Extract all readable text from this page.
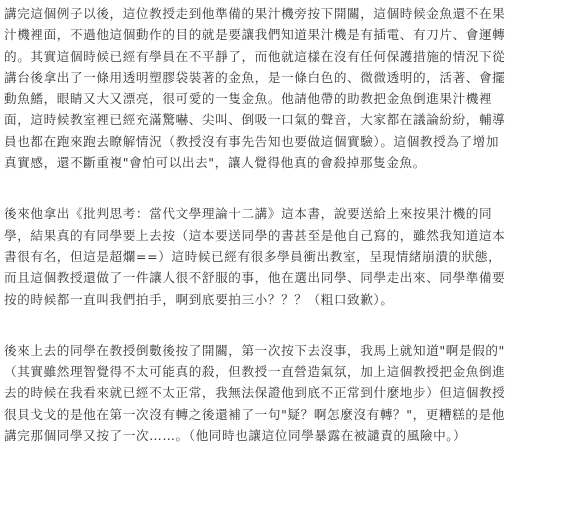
講完這個例子以後，這位教授走到他準備的果汁機旁按下開關，這個時候金魚還不在果
汁機裡面，不過他這個動作的目的就是要讓我們知道果汁機是有插電、有刀片、會運轉
的。其實這個時候已經有學員在不平靜了，而他就這樣在沒有任何保護措施的情況下從
講台後拿出了一條用透明塑膠袋裝著的金魚，是一條白色的、微微透明的，活著、會擺
動魚鰭，眼睛又大又漂亮，很可愛的一隻金魚。他請他帶的助教把金魚倒進果汁機裡
面，這時候教室裡已經充滿驚嚇、尖叫、倒吸一口氣的聲音，大家都在議論紛紛，輔導
員也都在跑來跑去瞭解情況（教授沒有事先告知也要做這個實驗）。這個教授為了增加
真實感，還不斷重複"會怕可以出去"，讓人覺得他真的會殺掉那隻金魚。
後來他拿出《批判思考：當代文學理論十二講》這本書，說要送給上來按果汁機的同
學，結果真的有同學要上去按（這本要送同學的書甚至是他自己寫的，雖然我知道這本
書很有名，但這是超爛==）這時候已經有很多學員衝出教室，呈現情緒崩潰的狀態，
而且這個教授還做了一件讓人很不舒服的事，他在選出同學、同學走出來、同學準備要
按的時候都一直叫我們拍手，啊到底要拍三小？？？（粗口致歉）。
後來上去的同學在教授倒數後按了開關，第一次按下去沒事，我馬上就知道"啊是假的"
（其實雖然理智覺得不太可能真的殺，但教授一直營造氣氛，加上這個教授把金魚倒進
去的時候在我看來就已經不太正常，我無法保證他到底不正常到什麼地步）但這個教授
很貝戈戈的是他在第一次沒有轉之後還補了一句"疑？啊怎麼沒有轉？"，更糟糕的是他
講完那個同學又按了一次……。（他同時也讓這位同學暴露在被譴責的風險中。）
